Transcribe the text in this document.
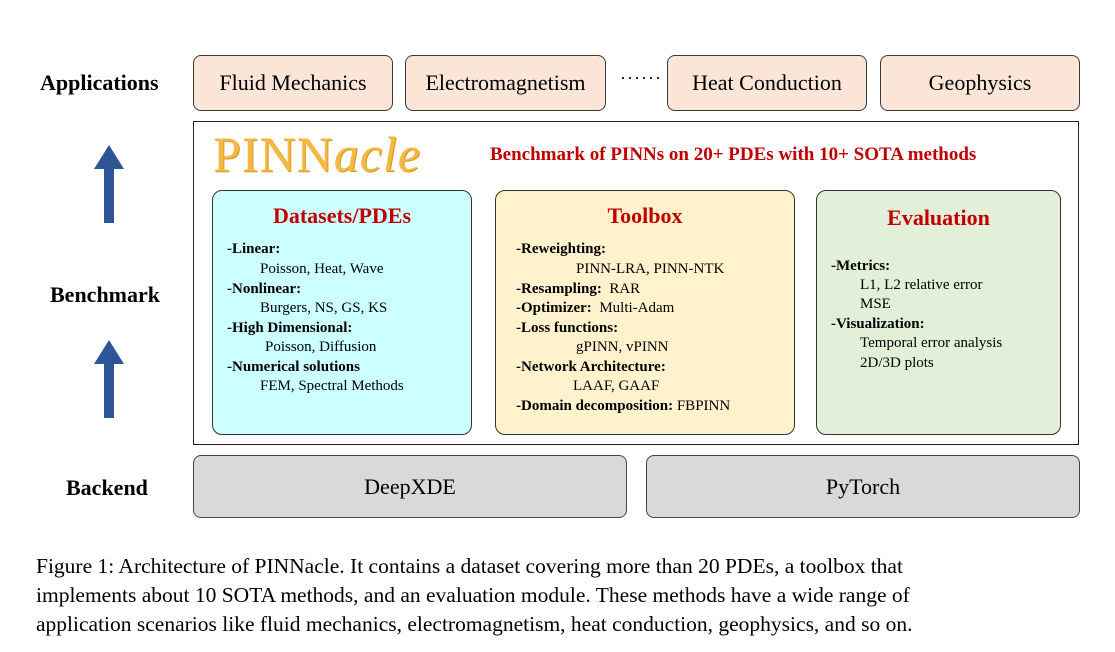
Applications
Benchmark
Backend
Fluid Mechanics	Electromagnetism	······	Heat Conduction	Geophysics
PINNacle	Benchmark of PINNs on 20+ PDEs with 10+ SOTA methods
Datasets/PDEs
-Linear:
Poisson, Heat, Wave
-Nonlinear:
Burgers, NS, GS, KS
-High Dimensional:
Poisson, Diffusion
-Numerical solutions
FEM, Spectral Methods
Toolbox
-Reweighting:
PINN-LRA, PINN-NTK
-Resampling: RAR
-Optimizer: Multi-Adam
-Loss functions:
gPINN, vPINN
-Network Architecture:
LAAF, GAAF
-Domain decomposition: FBPINN
Evaluation
-Metrics:
L1, L2 relative error
MSE
-Visualization:
Temporal error analysis
2D/3D plots
DeepXDE	PyTorch
Figure 1: Architecture of PINNacle. It contains a dataset covering more than 20 PDEs, a toolbox that
implements about 10 SOTA methods, and an evaluation module. These methods have a wide range of
application scenarios like fluid mechanics, electromagnetism, heat conduction, geophysics, and so on.
